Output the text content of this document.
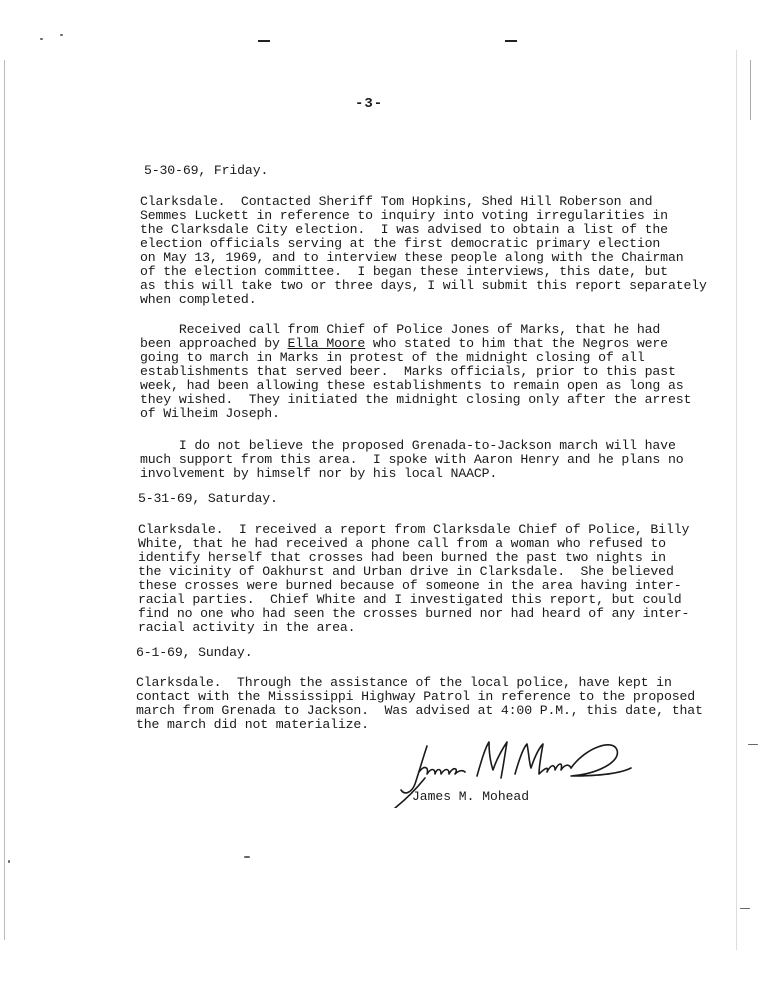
-3-
5-30-69, Friday.
Clarksdale.  Contacted Sheriff Tom Hopkins, Shed Hill Roberson and
Semmes Luckett in reference to inquiry into voting irregularities in
the Clarksdale City election.  I was advised to obtain a list of the
election officials serving at the first democratic primary election
on May 13, 1969, and to interview these people along with the Chairman
of the election committee.  I began these interviews, this date, but
as this will take two or three days, I will submit this report separately
when completed.
Received call from Chief of Police Jones of Marks, that he had
been approached by Ella Moore who stated to him that the Negros were
going to march in Marks in protest of the midnight closing of all
establishments that served beer.  Marks officials, prior to this past
week, had been allowing these establishments to remain open as long as
they wished.  They initiated the midnight closing only after the arrest
of Wilheim Joseph.
I do not believe the proposed Grenada-to-Jackson march will have
much support from this area.  I spoke with Aaron Henry and he plans no
involvement by himself nor by his local NAACP.
5-31-69, Saturday.
Clarksdale.  I received a report from Clarksdale Chief of Police, Billy
White, that he had received a phone call from a woman who refused to
identify herself that crosses had been burned the past two nights in
the vicinity of Oakhurst and Urban drive in Clarksdale.  She believed
these crosses were burned because of someone in the area having inter-
racial parties.  Chief White and I investigated this report, but could
find no one who had seen the crosses burned nor had heard of any inter-
racial activity in the area.
6-1-69, Sunday.
Clarksdale.  Through the assistance of the local police, have kept in
contact with the Mississippi Highway Patrol in reference to the proposed
march from Grenada to Jackson.  Was advised at 4:00 P.M., this date, that
the march did not materialize.
James M. Mohead
